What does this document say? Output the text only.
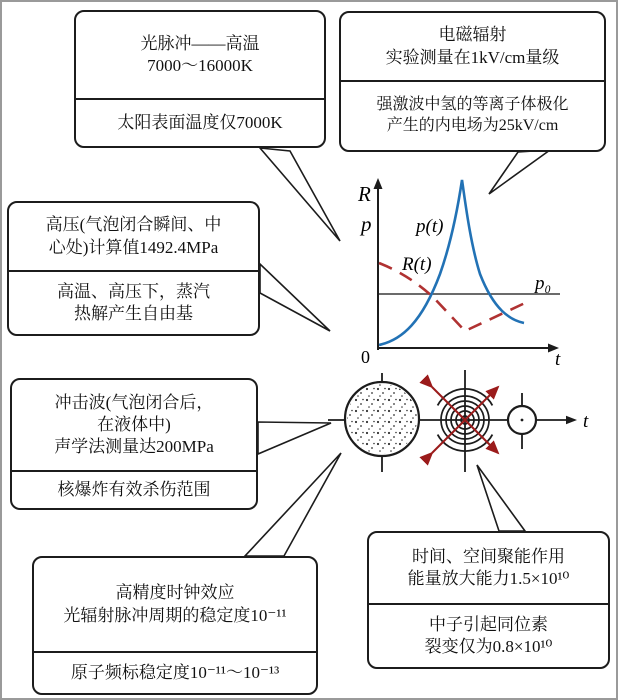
R
p p(t)
R(t)
p₀
0	t
t
光脉冲——高温
7000～16000K
太阳表面温度仅7000K
电磁辐射
实验测量在1kV/cm量级
强激波中氢的等离子体极化
产生的内电场为25kV/cm
高压(气泡闭合瞬间、中
心处)计算值1492.4MPa
高温、高压下，蒸汽
热解产生自由基
冲击波(气泡闭合后，
在液体中)
声学法测量达200MPa
核爆炸有效杀伤范围
高精度时钟效应
光辐射脉冲周期的稳定度10⁻¹¹
原子频标稳定度10⁻¹¹～10⁻¹³
时间、空间聚能作用
能量放大能力1.5×10¹⁰
中子引起同位素
裂变仅为0.8×10¹⁰
